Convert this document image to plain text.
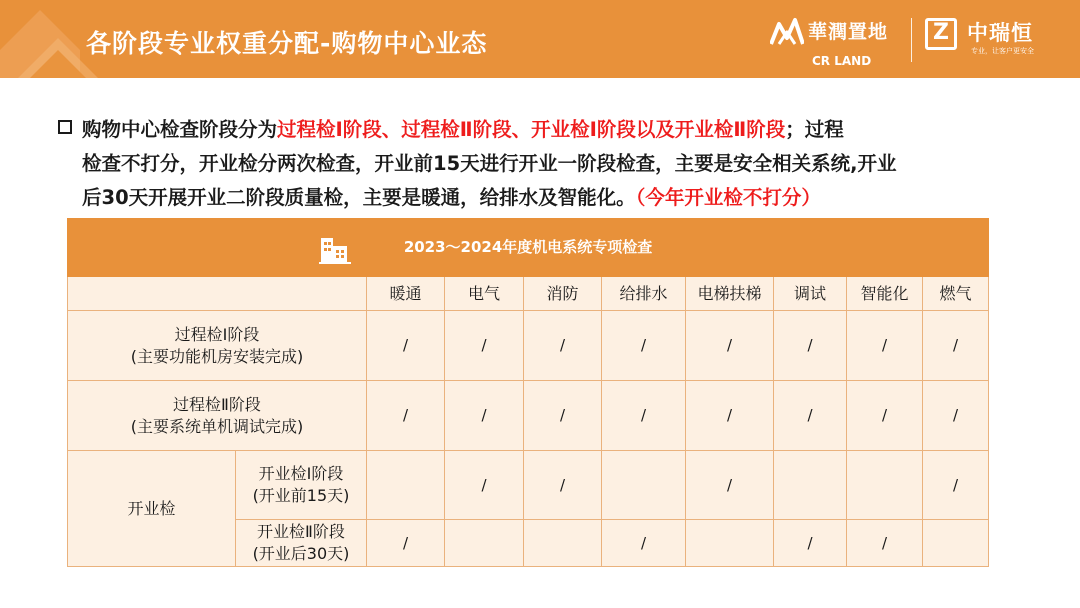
各阶段专业权重分配-购物中心业态	華潤置地
CR LAND
Z 中瑞恒
专业，让客户更安全
购物中心检查阶段分为过程检Ⅰ阶段、过程检Ⅱ阶段、开业检Ⅰ阶段以及开业检Ⅱ阶段；过程
检查不打分，开业检分两次检查，开业前15天进行开业一阶段检查，主要是安全相关系统,开业
后30天开展开业二阶段质量检，主要是暖通，给排水及智能化。（今年开业检不打分）
2023～2024年度机电系统专项检查									
		暖通	电气	消防	给排水	电梯扶梯	调试	智能化	燃气

过程检Ⅰ阶段
(主要功能机房安装完成)		/	/	/	/	/	/	/	/

过程检Ⅱ阶段
(主要系统单机调试完成)		/	/	/	/	/	/	/	/
开业检	开业检Ⅰ阶段
(开业前15天)		/	/		/			/

	开业检Ⅱ阶段
(开业后30天)	/			/		/	/	
